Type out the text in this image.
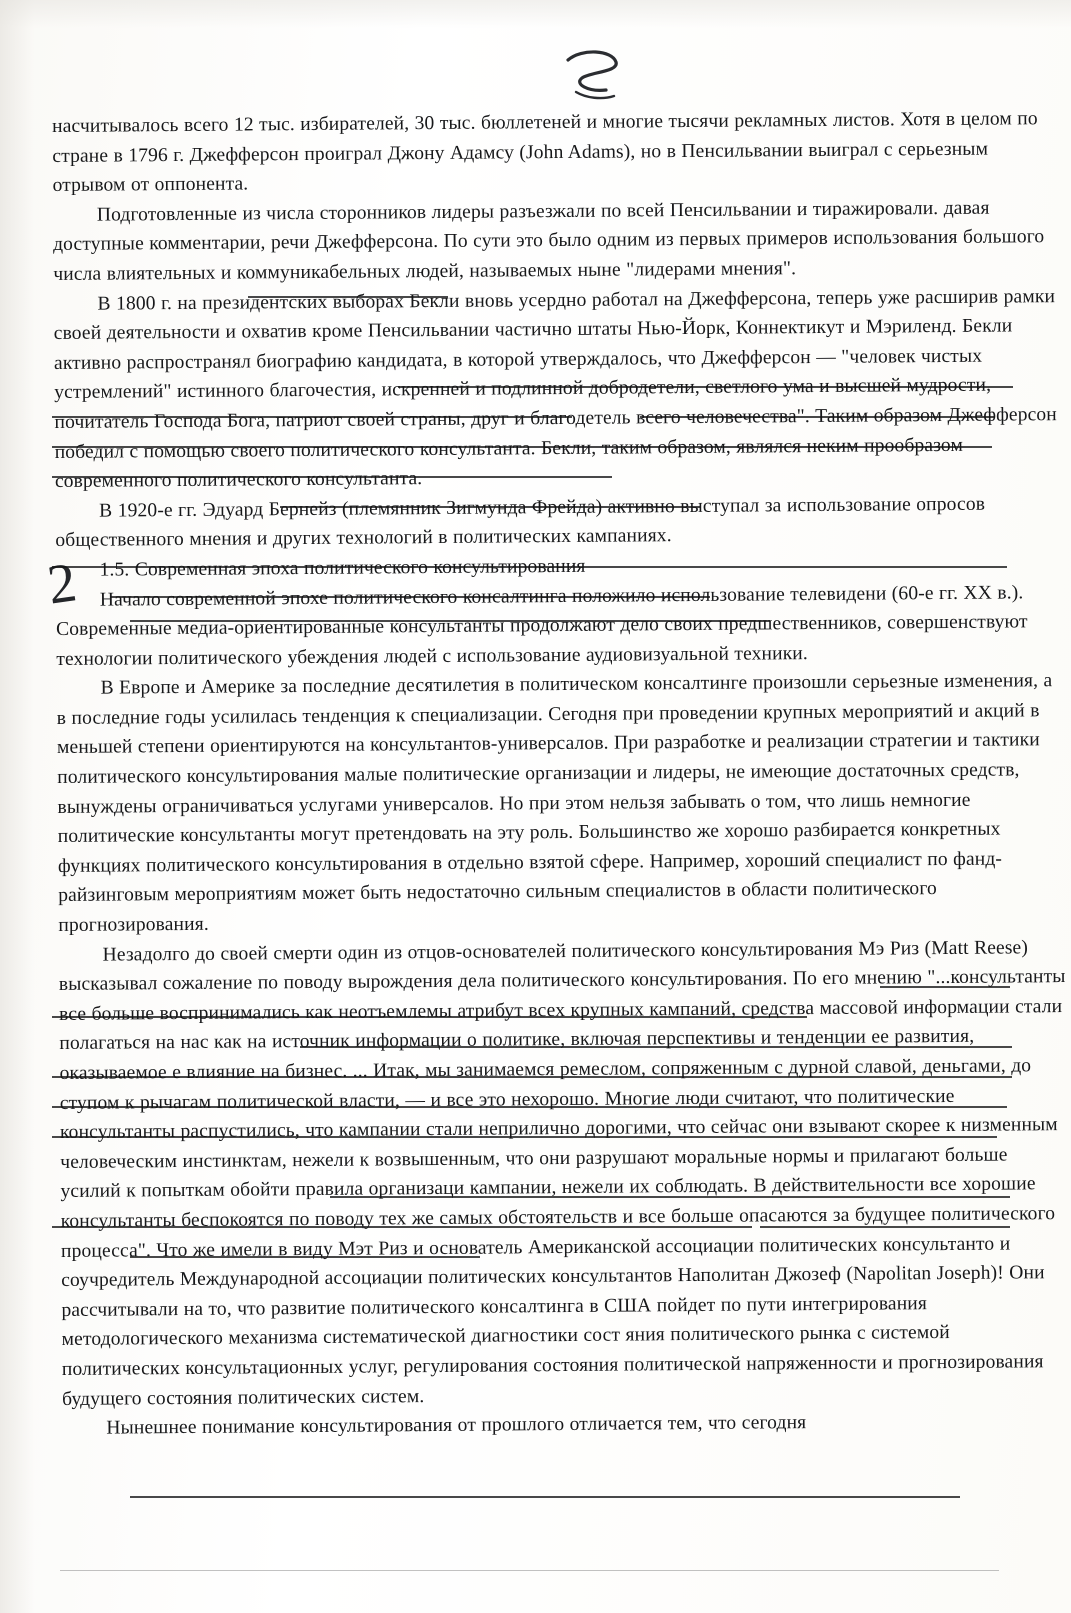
2

насчитывалось всего 12 тыс. избирателей, 30 тыс. бюллетеней и многие тысячи рекламных листов. Хотя в целом по стране в 1796 г. Джефферсон проиграл Джону Адамсу (John Adams), но в Пенсильвании выиграл с серьезным отрывом от оппонента.

Подготовленные из числа сторонников лидеры разъезжали по всей Пенсильвании и тиражировали. давая доступные комментарии, речи Джефферсона. По сути это было одним из первых примеров использования большого числа влиятельных и коммуникабельных людей, называемых ныне "лидерами мнения".

В 1800 г. на президентских выборах Бекли вновь усердно работал на Джефферсона, теперь уже расширив рамки своей деятельности и охватив кроме Пенсильвании частично штаты Нью-Йорк, Коннектикут и Мэриленд. Бекли активно распространял биографию кандидата, в которой утверждалось, что Джефферсон — "человек чистых устремлений" истинного благочестия, искренней и подлинной добродетели, светлого ума и высшей мудрости, почитатель Господа Бога, патриот своей страны, друг и благодетель всего человечества". Таким образом Джефферсон победил с помощью своего политического консультанта. Бекли, таким образом, являлся неким прообразом современного политического консультанта.

В 1920-е гг. Эдуард Бернейз (племянник Зигмунда Фрейда) активно выступал за использование опросов общественного мнения и других технологий в политических кампаниях.

1.5. Современная эпоха политического консультирования

Начало современной эпохе политического консалтинга положило использование телевидени (60-е гг. XX в.). Современные медиа-ориентированные консультанты продолжают дело своих предшественников, совершенствуют технологии политического убеждения людей с использование аудиовизуальной техники.

В Европе и Америке за последние десятилетия в политическом консалтинге произошли серьезные изменения, а в последние годы усилилась тенденция к специализации. Сегодня при проведении крупных мероприятий и акций в меньшей степени ориентируются на консультантов-универсалов. При разработке и реализации стратегии и тактики политического консультирования малые политические организации и лидеры, не имеющие достаточных средств, вынуждены ограничиваться услугами универсалов. Но при этом нельзя забывать о том, что лишь немногие политические консультанты могут претендовать на эту роль. Большинство же хорошо разбирается конкретных функциях политического консультирования в отдельно взятой сфере. Например, хороший специалист по фанд-райзинговым мероприятиям может быть недостаточно сильным специалистов в области политического прогнозирования.

Незадолго до своей смерти один из отцов-основателей политического консультирования Мэ Риз (Matt Reese) высказывал сожаление по поводу вырождения дела политического консультирования. По его мнению "...консультанты все больше воспринимались как неотъемлемы атрибут всех крупных кампаний, средства массовой информации стали полагаться на нас как на источник информации о политике, включая перспективы и тенденции ее развития, оказываемое е влияние на бизнес. ... Итак, мы занимаемся ремеслом, сопряженным с дурной славой, деньгами, до ступом к рычагам политической власти, — и все это нехорошо. Многие люди считают, что политические консультанты распустились, что кампании стали неприлично дорогими, что сейчас они взывают скорее к низменным человеческим инстинктам, нежели к возвышенным, что они разрушают моральные нормы и прилагают больше усилий к попыткам обойти правила организаци кампании, нежели их соблюдать. В действительности все хорошие консультанты беспокоятся по поводу тех же самых обстоятельств и все больше опасаются за будущее политического процесса". Что же имели в виду Мэт Риз и основатель Американской ассоциации политических консультанто и соучредитель Международной ассоциации политических консультантов Наполитан Джозеф (Napolitan Joseph)! Они рассчитывали на то, что развитие политического консалтинга в США пойдет по пути интегрирования методологического механизма систематической диагностики сост яния политического рынка с системой политических консультационных услуг, регулирования состояния политической напряженности и прогнозирования будущего состояния политических систем.

Нынешнее понимание консультирования от прошлого отличается тем, что сегодня
